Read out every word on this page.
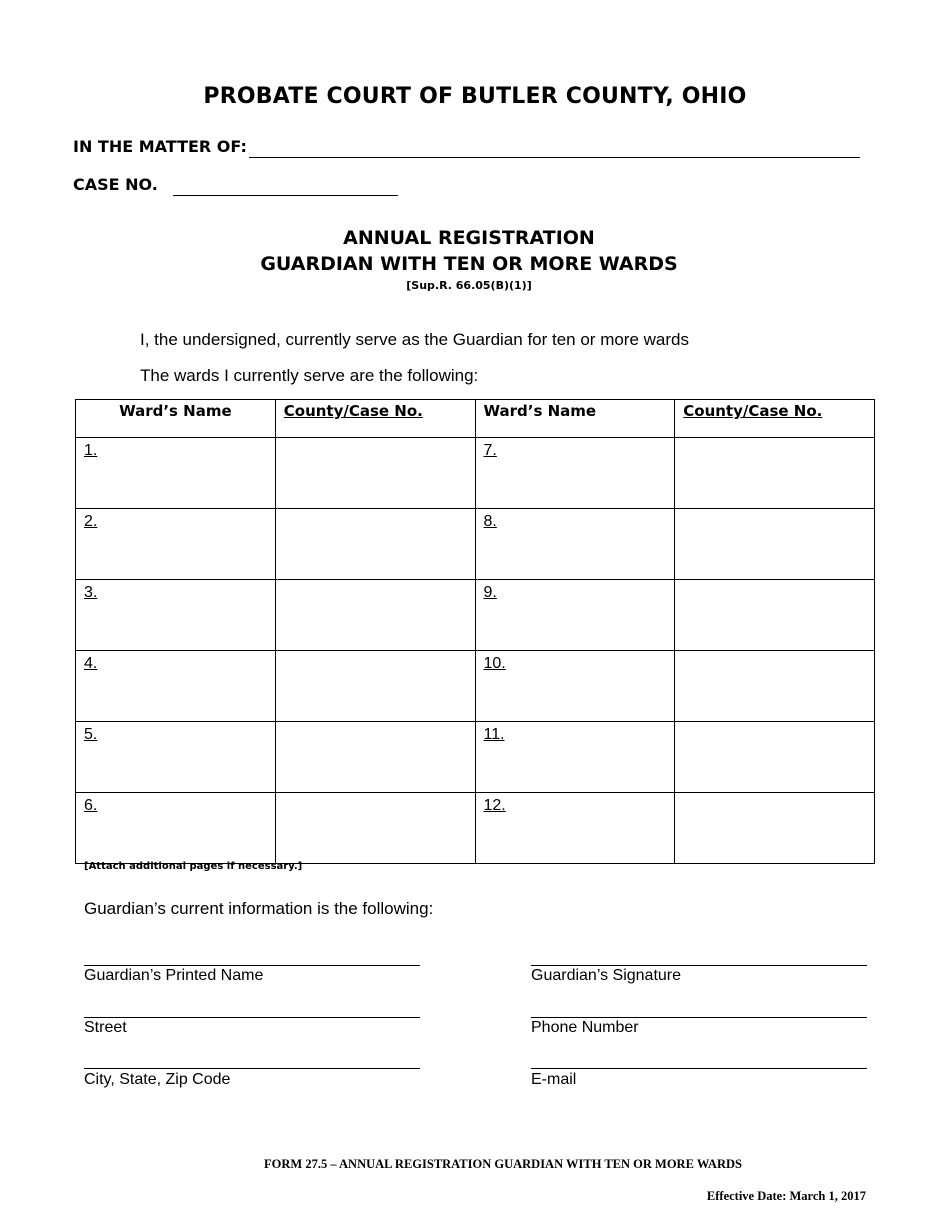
PROBATE COURT OF BUTLER COUNTY, OHIO
IN THE MATTER OF:
CASE NO.
ANNUAL REGISTRATION
GUARDIAN WITH TEN OR MORE WARDS
[Sup.R. 66.05(B)(1)]
I, the undersigned, currently serve as the Guardian for ten or more wards
The wards I currently serve are the following:
Ward’s Name	County/Case No.	Ward’s Name	County/Case No.
1.		7.	
2.		8.	
3.		9.	
4.		10.	
5.		11.	
6.		12.	
[Attach additional pages if necessary.]
Guardian’s current information is the following:
Guardian’s Printed Name	Guardian’s Signature
Street	Phone Number
City, State, Zip Code	E-mail
FORM 27.5 – ANNUAL REGISTRATION GUARDIAN WITH TEN OR MORE WARDS
Effective Date: March 1, 2017
